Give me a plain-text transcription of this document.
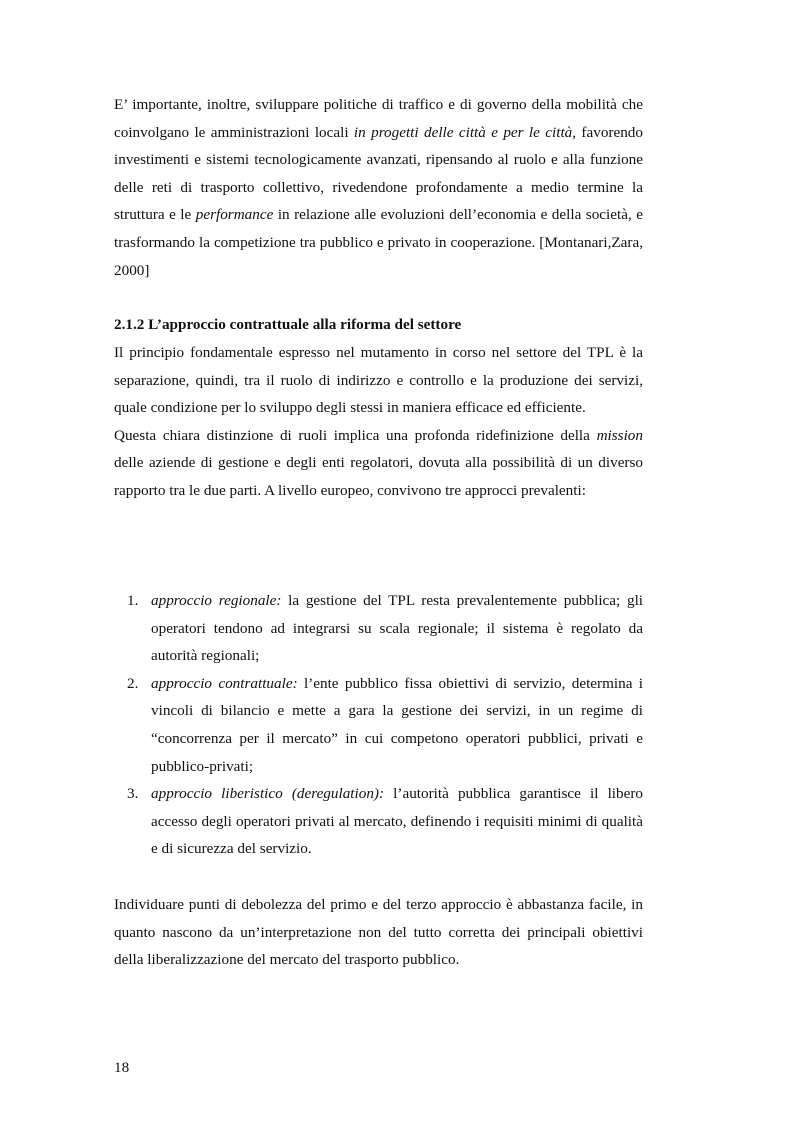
E’ importante, inoltre, sviluppare politiche di traffico e di governo della mobilità che coinvolgano le amministrazioni locali in progetti delle città e per le città, favorendo investimenti e sistemi tecnologicamente avanzati, ripensando al ruolo e alla funzione delle reti di trasporto collettivo, rivedendone profondamente a medio termine la struttura e le performance in relazione alle evoluzioni dell’economia e della società, e trasformando la competizione tra pubblico e privato in cooperazione. [Montanari,Zara, 2000]

2.1.2 L’approccio contrattuale alla riforma del settore

Il principio fondamentale espresso nel mutamento in corso nel settore del TPL è la separazione, quindi, tra il ruolo di indirizzo e controllo e la produzione dei servizi, quale condizione per lo sviluppo degli stessi in maniera efficace ed efficiente.

Questa chiara distinzione di ruoli implica una profonda ridefinizione della mission delle aziende di gestione e degli enti regolatori, dovuta alla possibilità di un diverso rapporto tra le due parti. A livello europeo, convivono tre approcci prevalenti:

1. approccio regionale: la gestione del TPL resta prevalentemente pubblica; gli operatori tendono ad integrarsi su scala regionale; il sistema è regolato da autorità regionali;
2. approccio contrattuale: l’ente pubblico fissa obiettivi di servizio, determina i vincoli di bilancio e mette a gara la gestione dei servizi, in un regime di “concorrenza per il mercato” in cui competono operatori pubblici, privati e pubblico-privati;
3. approccio liberistico (deregulation): l’autorità pubblica garantisce il libero accesso degli operatori privati al mercato, definendo i requisiti minimi di qualità e di sicurezza del servizio.

Individuare punti di debolezza del primo e del terzo approccio è abbastanza facile, in quanto nascono da un’interpretazione non del tutto corretta dei principali obiettivi della liberalizzazione del mercato del trasporto pubblico.

18
